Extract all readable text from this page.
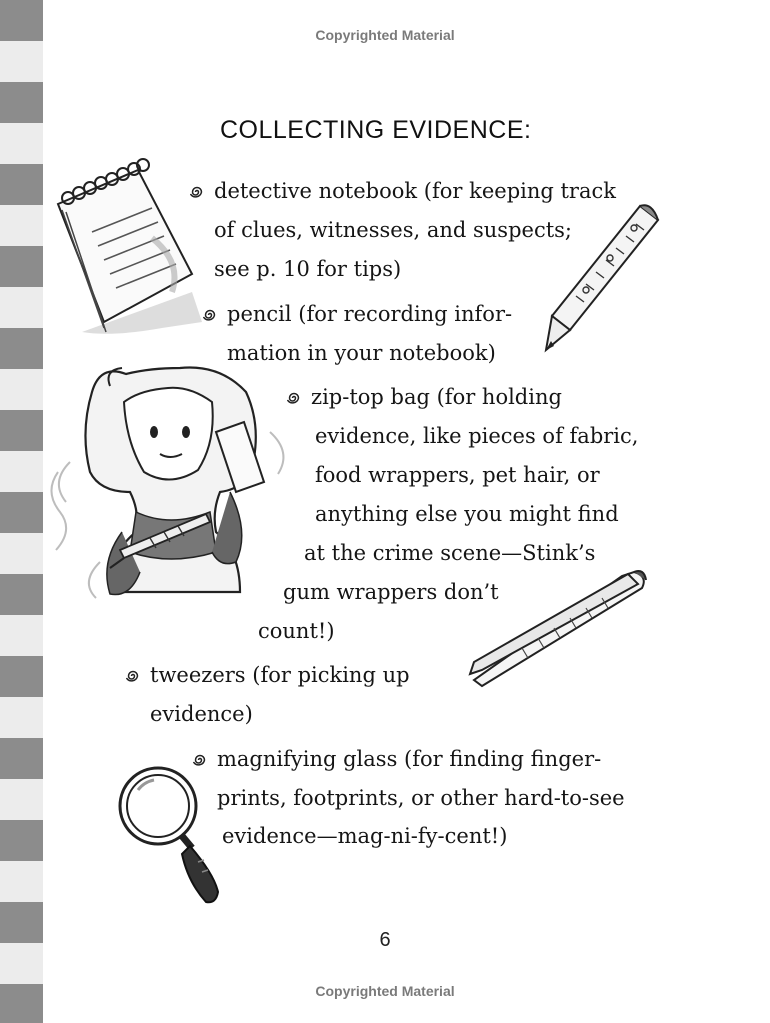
Copyrighted Material
COLLECTING EVIDENCE:
detective notebook (for keeping track
of clues, witnesses, and suspects;
see p. 10 for tips)
pencil (for recording infor-
mation in your notebook)
zip-top bag (for holding
evidence, like pieces of fabric,
food wrappers, pet hair, or
anything else you might find
at the crime scene—Stink’s
gum wrappers don’t
count!)
tweezers (for picking up
evidence)
magnifying glass (for finding finger-
prints, footprints, or other hard-to-see
evidence—mag-ni-fy-cent!)
6
Copyrighted Material
